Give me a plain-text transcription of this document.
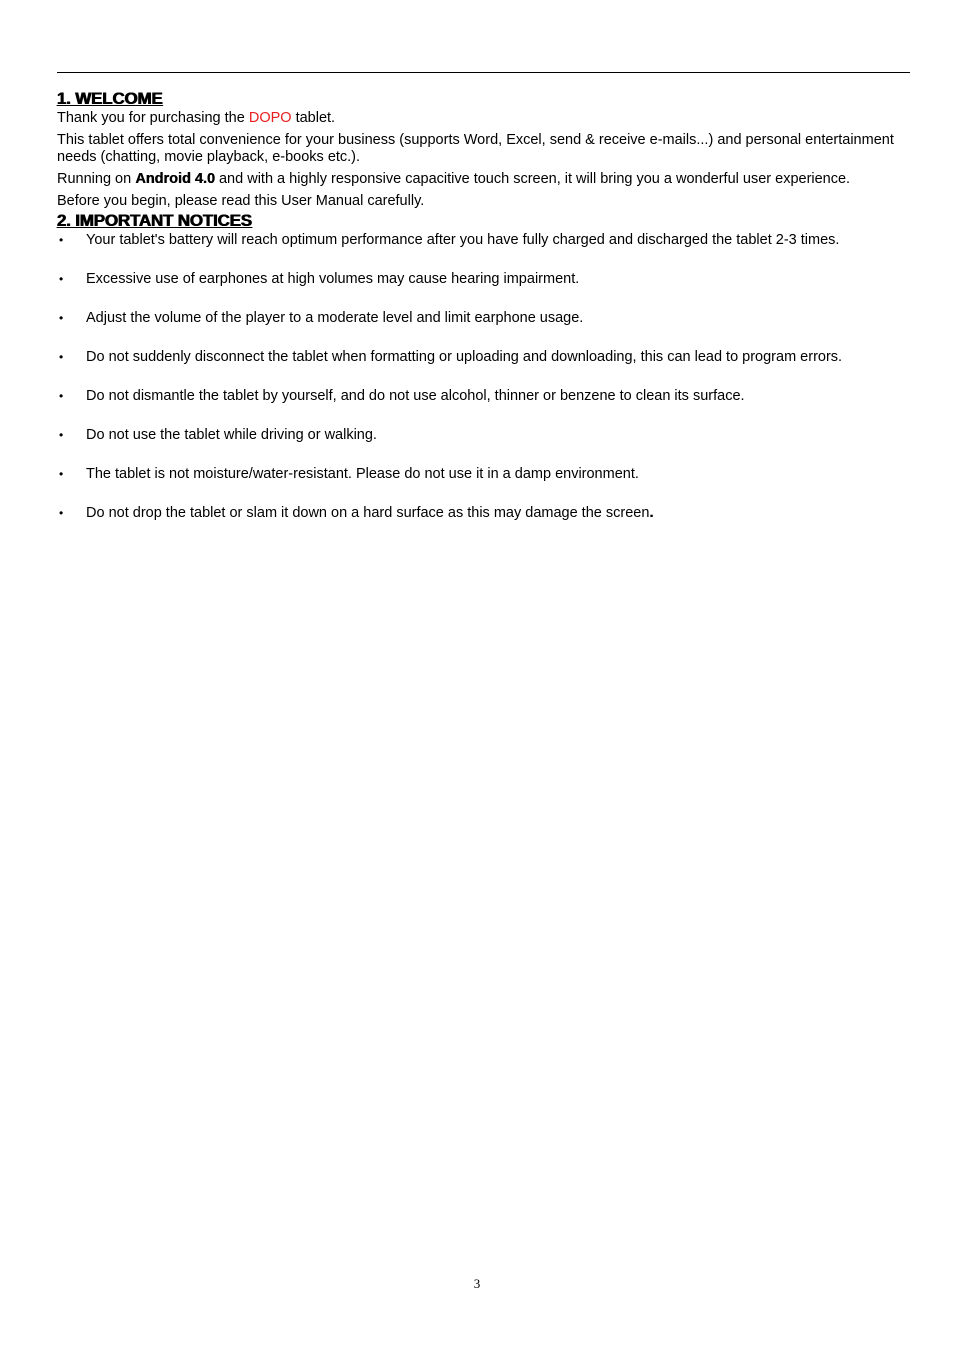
1. WELCOME

Thank you for purchasing the DOPO tablet.

This tablet offers total convenience for your business (supports Word, Excel, send & receive e-mails...) and personal entertainment needs (chatting, movie playback, e-books etc.).

Running on Android 4.0 and with a highly responsive capacitive touch screen, it will bring you a wonderful user experience.

Before you begin, please read this User Manual carefully.

2. IMPORTANT NOTICES
• Your tablet's battery will reach optimum performance after you have fully charged and discharged the tablet 2-3 times.
• Excessive use of earphones at high volumes may cause hearing impairment.
• Adjust the volume of the player to a moderate level and limit earphone usage.
• Do not suddenly disconnect the tablet when formatting or uploading and downloading, this can lead to program errors.
• Do not dismantle the tablet by yourself, and do not use alcohol, thinner or benzene to clean its surface.
• Do not use the tablet while driving or walking.
• The tablet is not moisture/water-resistant. Please do not use it in a damp environment.
• Do not drop the tablet or slam it down on a hard surface as this may damage the screen.
3
